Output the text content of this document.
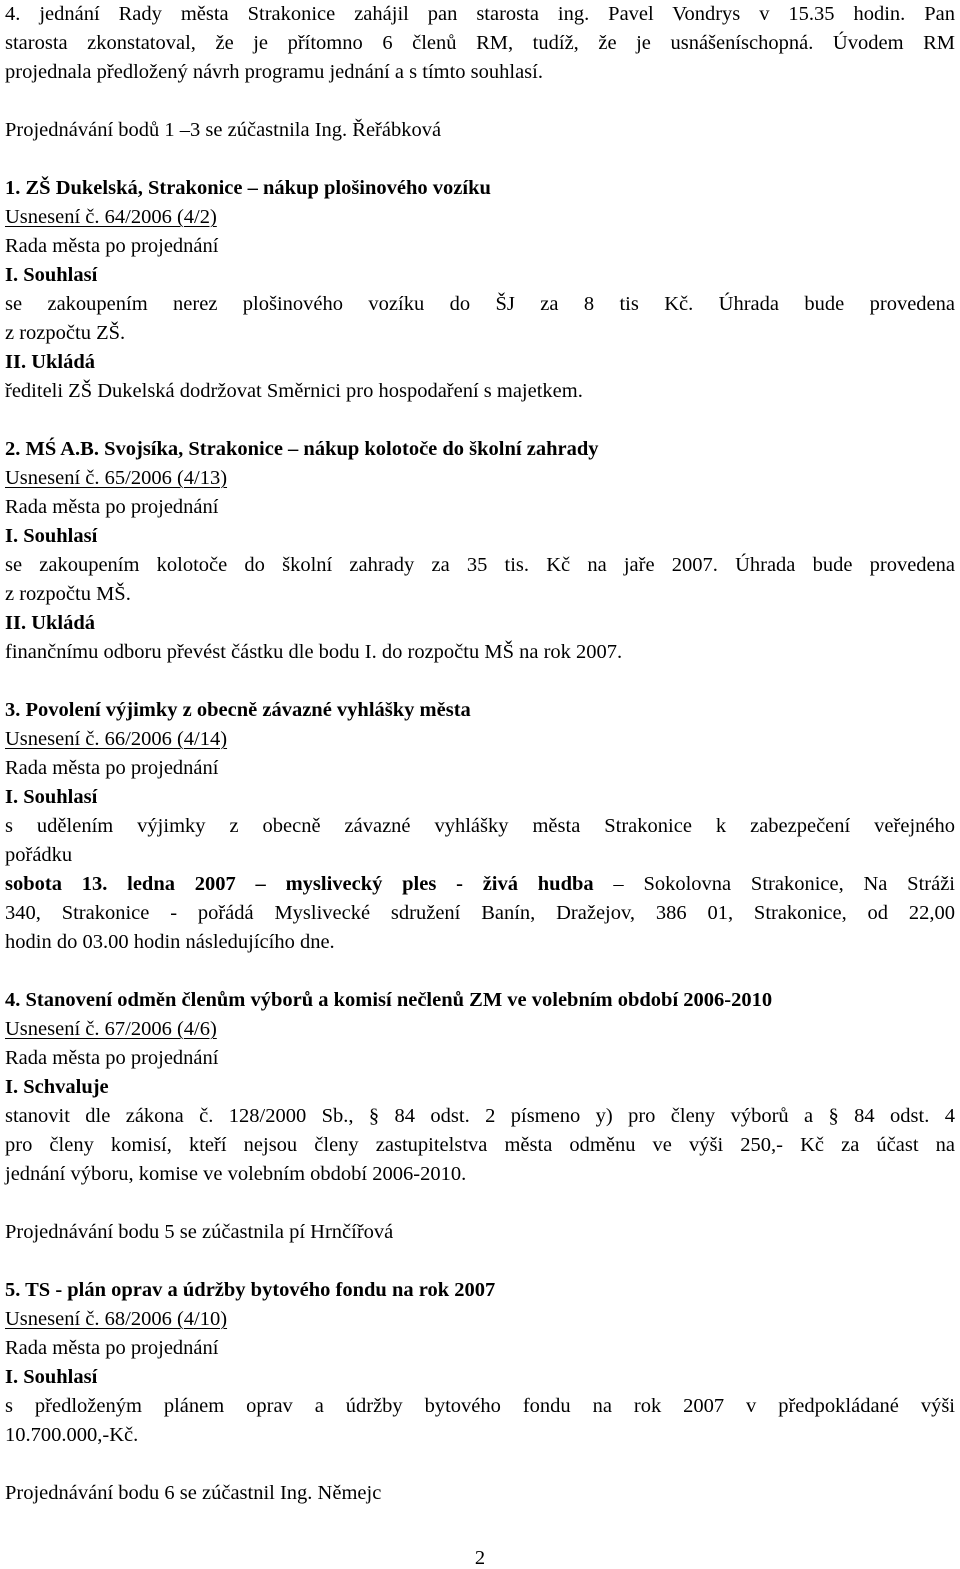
4. jednání Rady města Strakonice zahájil pan starosta ing. Pavel Vondrys v 15.35 hodin. Pan
starosta zkonstatoval, že je přítomno 6 členů RM, tudíž, že je usnášeníschopná. Úvodem RM
projednala předložený návrh programu jednání a s tímto souhlasí.
Projednávání bodů 1 –3 se zúčastnila Ing. Řeřábková
1. ZŠ Dukelská, Strakonice – nákup plošinového vozíku
Usnesení č. 64/2006 (4/2)
Rada města po projednání
I. Souhlasí
se zakoupením nerez plošinového vozíku do ŠJ za 8 tis Kč. Úhrada bude provedena
z rozpočtu ZŠ.
II. Ukládá
řediteli ZŠ Dukelská dodržovat Směrnici pro hospodaření s majetkem.
2. MŚ A.B. Svojsíka, Strakonice – nákup kolotoče do školní zahrady
Usnesení č. 65/2006 (4/13)
Rada města po projednání
I. Souhlasí
se zakoupením kolotoče do školní zahrady za 35 tis. Kč na jaře 2007. Úhrada bude provedena
z rozpočtu MŠ.
II. Ukládá
finančnímu odboru převést částku dle bodu I. do rozpočtu MŠ na rok 2007.
3. Povolení výjimky z obecně závazné vyhlášky města
Usnesení č. 66/2006 (4/14)
Rada města po projednání
I. Souhlasí
s udělením výjimky z obecně závazné vyhlášky města Strakonice k zabezpečení veřejného
pořádku
sobota 13. ledna 2007 – myslivecký ples - živá hudba – Sokolovna Strakonice, Na Stráži
340, Strakonice - pořádá Myslivecké sdružení Banín, Dražejov, 386 01, Strakonice, od 22,00
hodin do 03.00 hodin následujícího dne.
4. Stanovení odměn členům výborů a komisí nečlenů ZM ve volebním období 2006-2010
Usnesení č. 67/2006 (4/6)
Rada města po projednání
I. Schvaluje
stanovit dle zákona č. 128/2000 Sb., § 84 odst. 2 písmeno y) pro členy výborů a § 84 odst. 4
pro členy komisí, kteří nejsou členy zastupitelstva města odměnu ve výši 250,- Kč za účast na
jednání výboru, komise ve volebním období 2006-2010.
Projednávání bodu 5 se zúčastnila pí Hrnčířová
5. TS - plán oprav a údržby bytového fondu na rok 2007
Usnesení č. 68/2006 (4/10)
Rada města po projednání
I. Souhlasí
s předloženým plánem oprav a údržby bytového fondu na rok 2007 v předpokládané výši
10.700.000,-Kč.
Projednávání bodu 6 se zúčastnil Ing. Němejc
2
